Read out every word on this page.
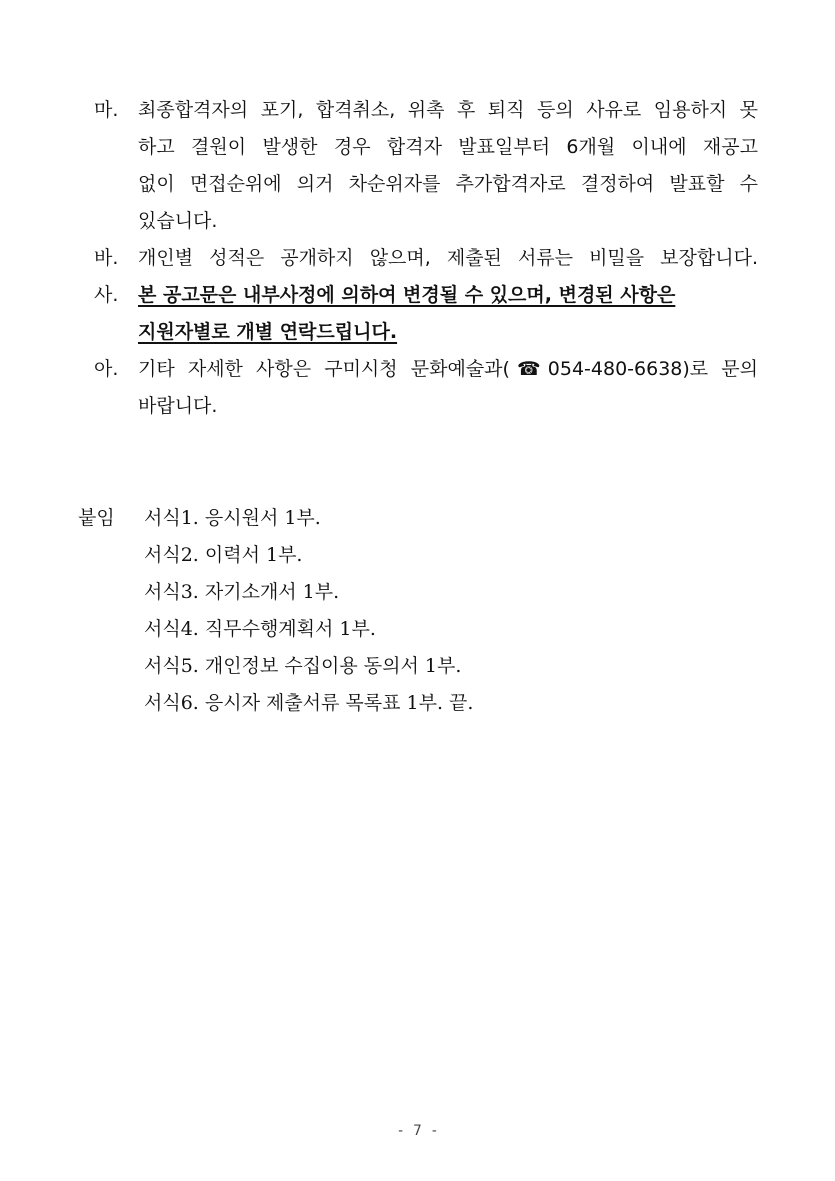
마. 최종합격자의 포기, 합격취소, 위촉 후 퇴직 등의 사유로 임용하지 못
하고 결원이 발생한 경우 합격자 발표일부터 6개월 이내에 재공고
없이 면접순위에 의거 차순위자를 추가합격자로 결정하여 발표할 수
있습니다.
바. 개인별 성적은 공개하지 않으며, 제출된 서류는 비밀을 보장합니다.
사. 본 공고문은 내부사정에 의하여 변경될 수 있으며, 변경된 사항은
지원자별로 개별 연락드립니다.
아. 기타 자세한 사항은 구미시청 문화예술과(☎054-480-6638)로 문의
바랍니다.
붙임 서식1. 응시원서 1부.
서식2. 이력서 1부.
서식3. 자기소개서 1부.
서식4. 직무수행계획서 1부.
서식5. 개인정보 수집이용 동의서 1부.
서식6. 응시자 제출서류 목록표 1부. 끝.
- 7 -
